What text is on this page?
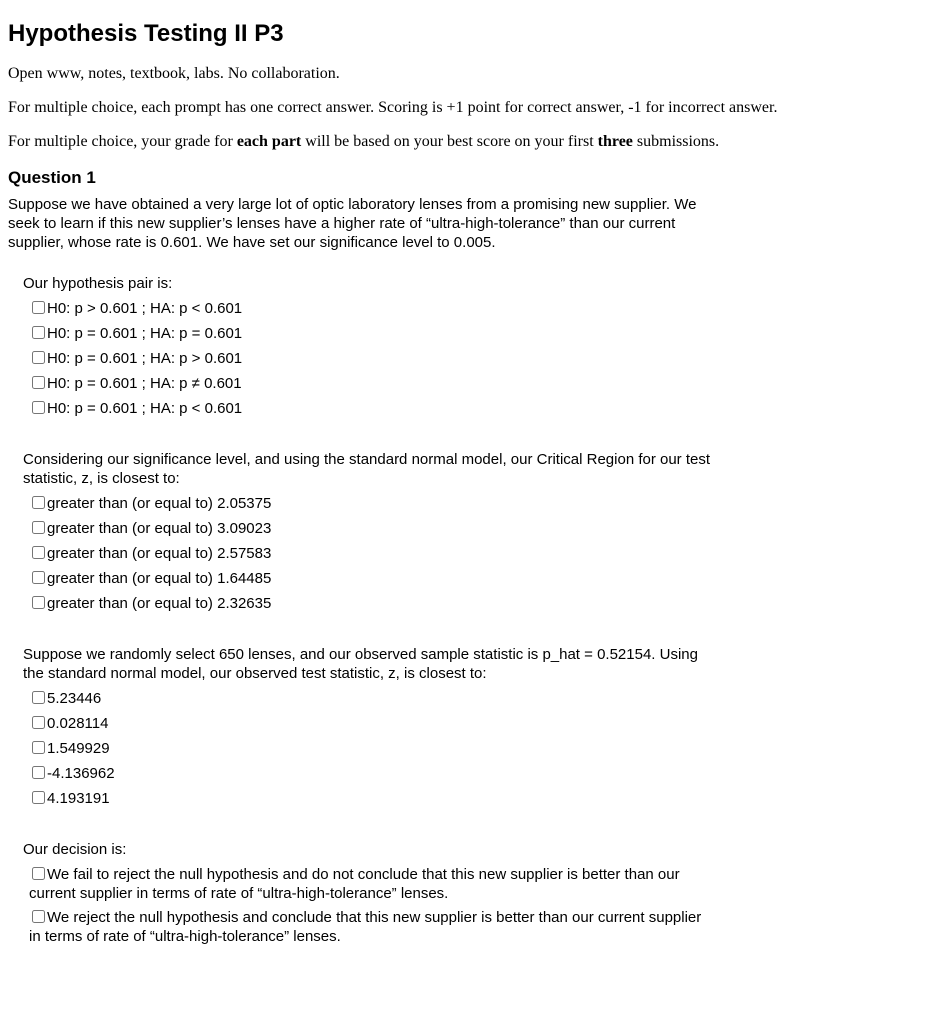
Hypothesis Testing II P3

Open www, notes, textbook, labs. No collaboration.

For multiple choice, each prompt has one correct answer. Scoring is +1 point for correct answer, -1 for incorrect answer.

For multiple choice, your grade for each part will be based on your best score on your first three submissions.

Question 1
Suppose we have obtained a very large lot of optic laboratory lenses from a promising new supplier. We seek to learn if this new supplier’s lenses have a higher rate of “ultra-high-tolerance” than our current supplier, whose rate is 0.601. We have set our significance level to 0.005.
Our hypothesis pair is:
H0: p > 0.601 ; HA: p < 0.601
H0: p = 0.601 ; HA: p = 0.601
H0: p = 0.601 ; HA: p > 0.601
H0: p = 0.601 ; HA: p ≠ 0.601
H0: p = 0.601 ; HA: p < 0.601
Considering our significance level, and using the standard normal model, our Critical Region for our test statistic, z, is closest to:
greater than (or equal to) 2.05375
greater than (or equal to) 3.09023
greater than (or equal to) 2.57583
greater than (or equal to) 1.64485
greater than (or equal to) 2.32635
Suppose we randomly select 650 lenses, and our observed sample statistic is p_hat = 0.52154. Using the standard normal model, our observed test statistic, z, is closest to:
5.23446
0.028114
1.549929
-4.136962
4.193191
Our decision is:
We fail to reject the null hypothesis and do not conclude that this new supplier is better than our current supplier in terms of rate of “ultra-high-tolerance” lenses.
We reject the null hypothesis and conclude that this new supplier is better than our current supplier in terms of rate of “ultra-high-tolerance” lenses.
